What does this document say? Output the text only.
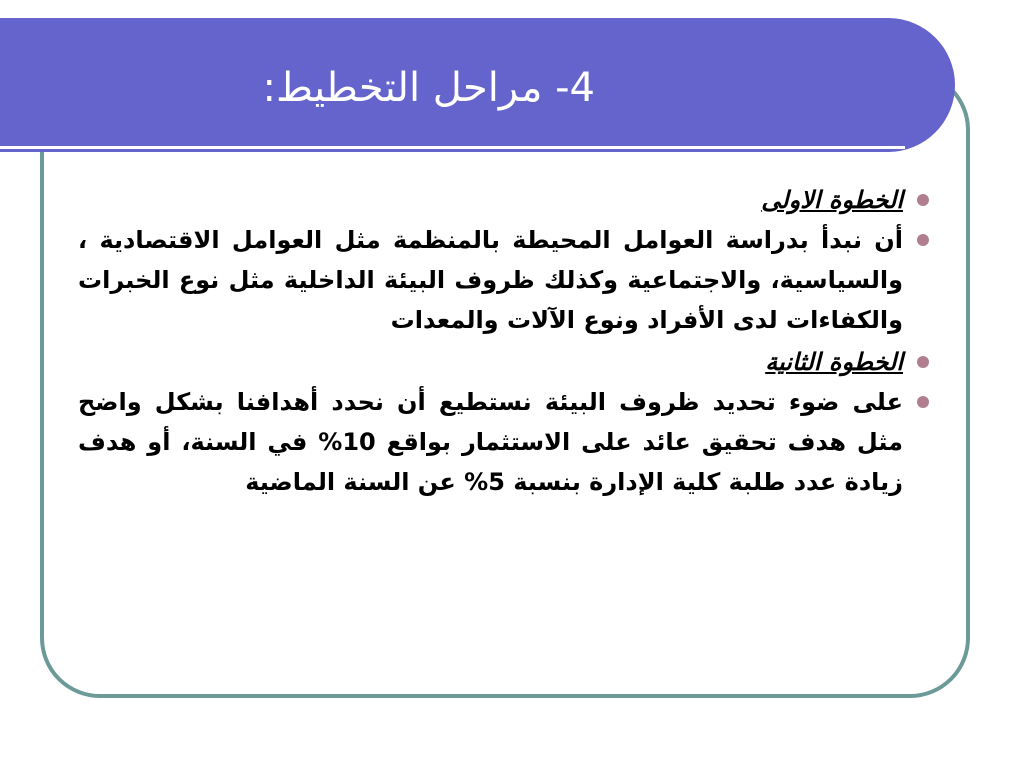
4- مراحل التخطيط:
الخطوة الاولى
أن نبدأ بدراسة العوامل المحيطة بالمنظمة مثل العوامل الاقتصادية ، والسياسية، والاجتماعية وكذلك ظروف البيئة الداخلية مثل نوع الخبرات والكفاءات لدى الأفراد ونوع الآلات والمعدات
الخطوة الثانية
على ضوء تحديد ظروف البيئة نستطيع أن نحدد أهدافنا بشكل واضح مثل هدف تحقيق عائد على الاستثمار بواقع 10% في السنة، أو هدف زيادة عدد طلبة كلية الإدارة بنسبة 5% عن السنة الماضية
